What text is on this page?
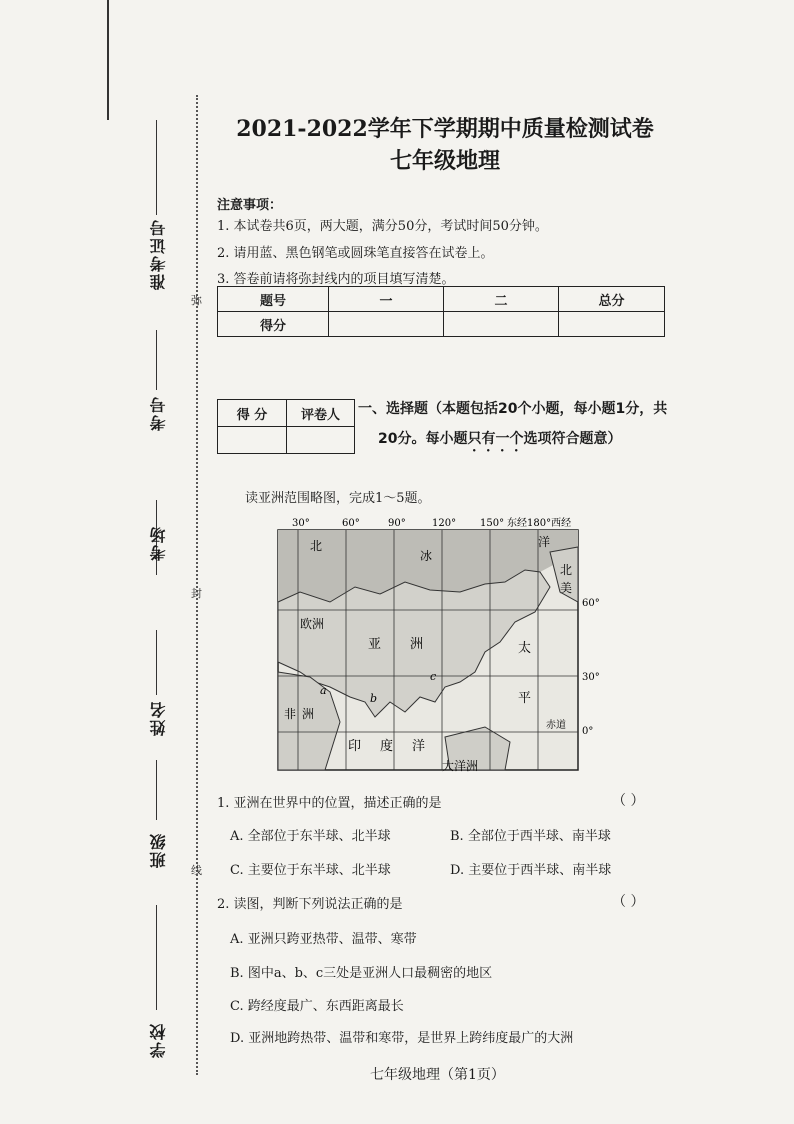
准考证号
考号
考场
姓名
班级
学校
弥
封
线
2021-2022学年下学期期中质量检测试卷
七年级地理
注意事项：
1. 本试卷共6页，两大题，满分50分，考试时间50分钟。
2. 请用蓝、黑色钢笔或圆珠笔直接答在试卷上。
3. 答卷前请将弥封线内的项目填写清楚。
题号	一	二	总分
得分			
得 分	评卷人
	一、选择题（本题包括20个小题，每小题1分，共
20分。每小题只有一个选项符合题意）
读亚洲范围略图，完成1～5题。
30°	60°	90°	120° 150° 东经180°西经
60°
30°
0°
赤道
北
冰
洋
北
美
欧洲
亚 洲	太
平
非 洲
印 度 洋
大洋洲
a
b
c
1. 亚洲在世界中的位置，描述正确的是	（ ）
A. 全部位于东半球、北半球	B. 全部位于西半球、南半球
C. 主要位于东半球、北半球	D. 主要位于西半球、南半球
2. 读图，判断下列说法正确的是	（ ）
A. 亚洲只跨亚热带、温带、寒带
B. 图中a、b、c三处是亚洲人口最稠密的地区
C. 跨经度最广、东西距离最长
D. 亚洲地跨热带、温带和寒带，是世界上跨纬度最广的大洲
七年级地理（第1页）
